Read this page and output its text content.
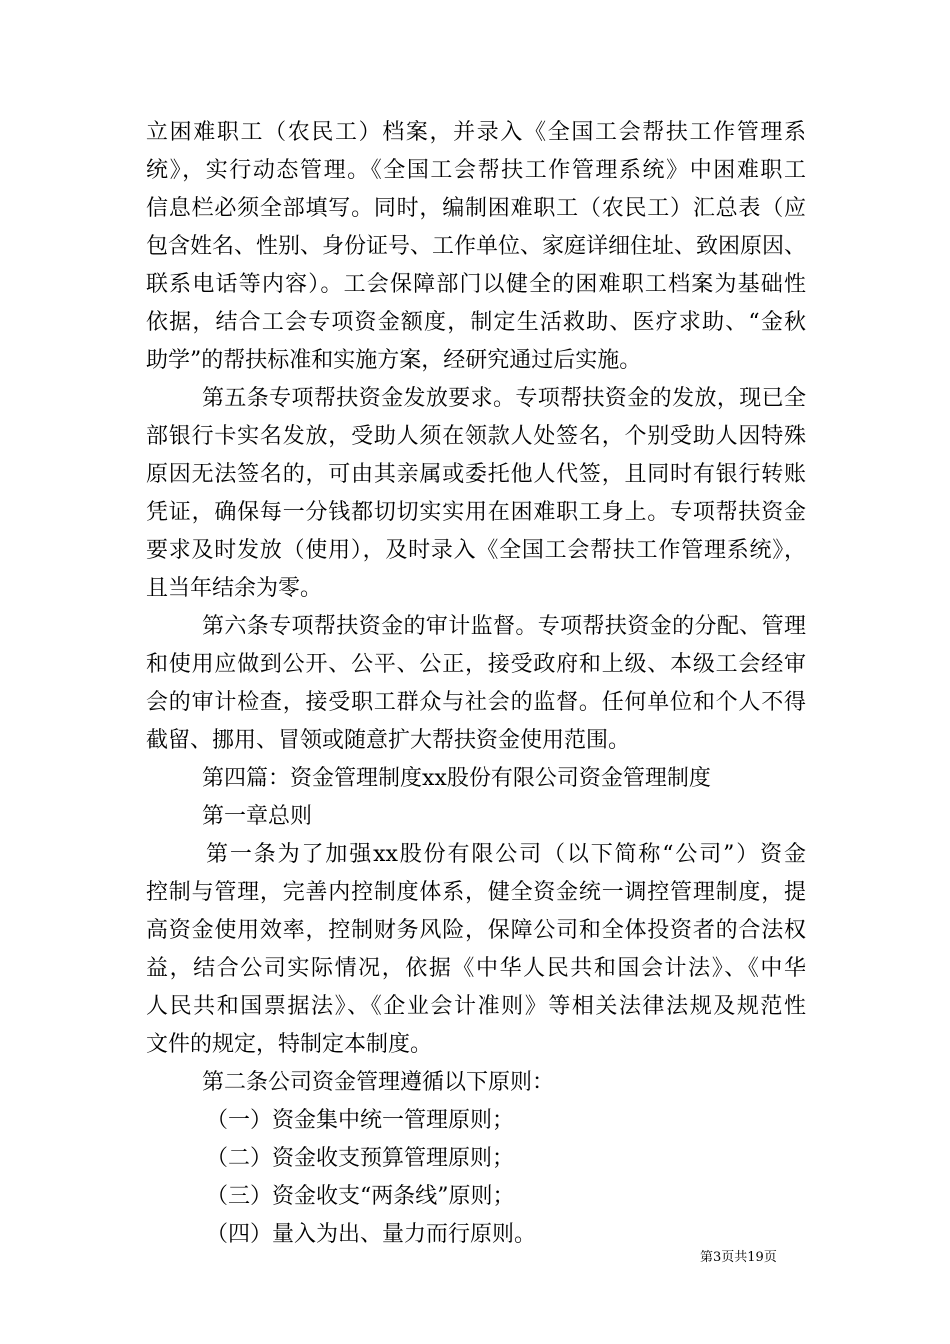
立困难职工（农民工）档案，并录入《全国工会帮扶工作管理系
统》，实行动态管理。《全国工会帮扶工作管理系统》中困难职工
信息栏必须全部填写。同时，编制困难职工（农民工）汇总表（应
包含姓名、性别、身份证号、工作单位、家庭详细住址、致困原因、
联系电话等内容）。工会保障部门以健全的困难职工档案为基础性
依据，结合工会专项资金额度，制定生活救助、医疗求助、“金秋
助学”的帮扶标准和实施方案，经研究通过后实施。
第五条专项帮扶资金发放要求。专项帮扶资金的发放，现已全
部银行卡实名发放，受助人须在领款人处签名，个别受助人因特殊
原因无法签名的，可由其亲属或委托他人代签，且同时有银行转账
凭证，确保每一分钱都切切实实用在困难职工身上。专项帮扶资金
要求及时发放（使用），及时录入《全国工会帮扶工作管理系统》，
且当年结余为零。
第六条专项帮扶资金的审计监督。专项帮扶资金的分配、管理
和使用应做到公开、公平、公正，接受政府和上级、本级工会经审
会的审计检查，接受职工群众与社会的监督。任何单位和个人不得
截留、挪用、冒领或随意扩大帮扶资金使用范围。
第四篇：资金管理制度xx股份有限公司资金管理制度
第一章总则
第一条为了加强xx股份有限公司（以下简称“公司”）资金
控制与管理，完善内控制度体系，健全资金统一调控管理制度，提
高资金使用效率，控制财务风险，保障公司和全体投资者的合法权
益，结合公司实际情况，依据《中华人民共和国会计法》、《中华
人民共和国票据法》、《企业会计准则》等相关法律法规及规范性
文件的规定，特制定本制度。
第二条公司资金管理遵循以下原则：
（一）资金集中统一管理原则；
（二）资金收支预算管理原则；
（三）资金收支“两条线”原则；
（四）量入为出、量力而行原则。
第3页共19页
